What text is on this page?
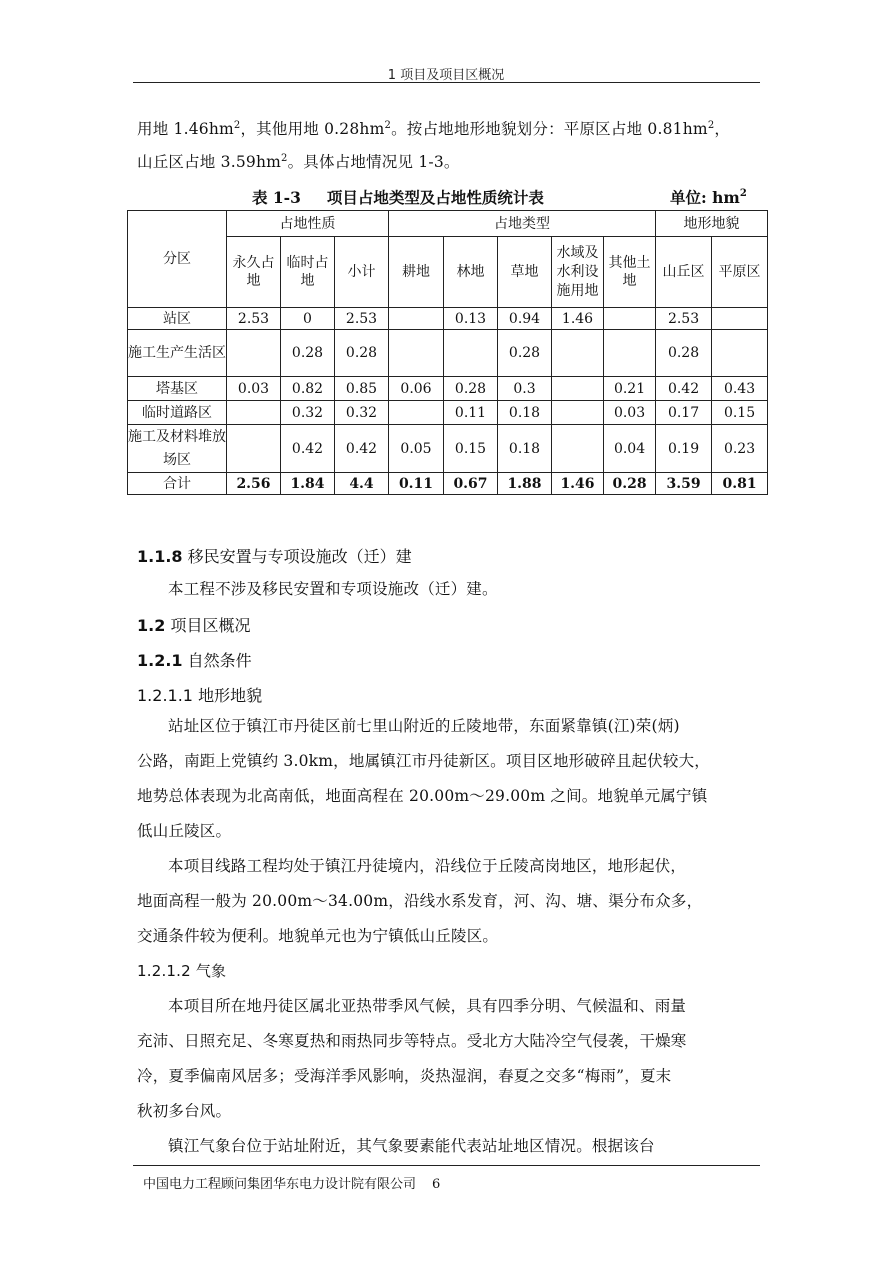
1 项目及项目区概况
用地 $1.46hm^2$，其他用地 $0.28hm^2$。按占地地形地貌划分：平原区占地 $0.81hm^2$，
山丘区占地 $3.59hm^2$。具体占地情况见 1-3。
表 1-3 项目占地类型及占地性质统计表	单位: $hm^2$
分区	占地性质			占地类型					地形地貌	

	永久占地	临时占地	小计	耕地	林地	草地	水域及水利设施用地	其他土地	山丘区	平原区
站区	2.53	0	2.53		0.13	0.94	1.46		2.53	

施工生产生活区		0.28	0.28			0.28			0.28	
塔基区	0.03	0.82	0.85	0.06	0.28	0.3		0.21	0.42	0.43
临时道路区		0.32	0.32		0.11	0.18		0.03	0.17	0.15

施工及材料堆放场区		0.42	0.42	0.05	0.15	0.18		0.04	0.19	0.23
合计	2.56	1.84	4.4	0.11	0.67	1.88	1.46	0.28	3.59	0.81
1.1.8 移民安置与专项设施改（迁）建
本工程不涉及移民安置和专项设施改（迁）建。
1.2 项目区概况
1.2.1 自然条件
1.2.1.1 地形地貌
站址区位于镇江市丹徒区前七里山附近的丘陵地带，东面紧靠镇(江)荣(炳)
公路，南距上党镇约 3.0km，地属镇江市丹徒新区。项目区地形破碎且起伏较大，
地势总体表现为北高南低，地面高程在 20.00m～29.00m 之间。地貌单元属宁镇
低山丘陵区。
本项目线路工程均处于镇江丹徒境内，沿线位于丘陵高岗地区，地形起伏，
地面高程一般为 20.00m～34.00m，沿线水系发育，河、沟、塘、渠分布众多，
交通条件较为便利。地貌单元也为宁镇低山丘陵区。
1.2.1.2 气象
本项目所在地丹徒区属北亚热带季风气候，具有四季分明、气候温和、雨量
充沛、日照充足、冬寒夏热和雨热同步等特点。受北方大陆冷空气侵袭，干燥寒
冷，夏季偏南风居多；受海洋季风影响，炎热湿润，春夏之交多“梅雨”，夏末
秋初多台风。
镇江气象台位于站址附近，其气象要素能代表站址地区情况。根据该台
中国电力工程顾问集团华东电力设计院有限公司 6
